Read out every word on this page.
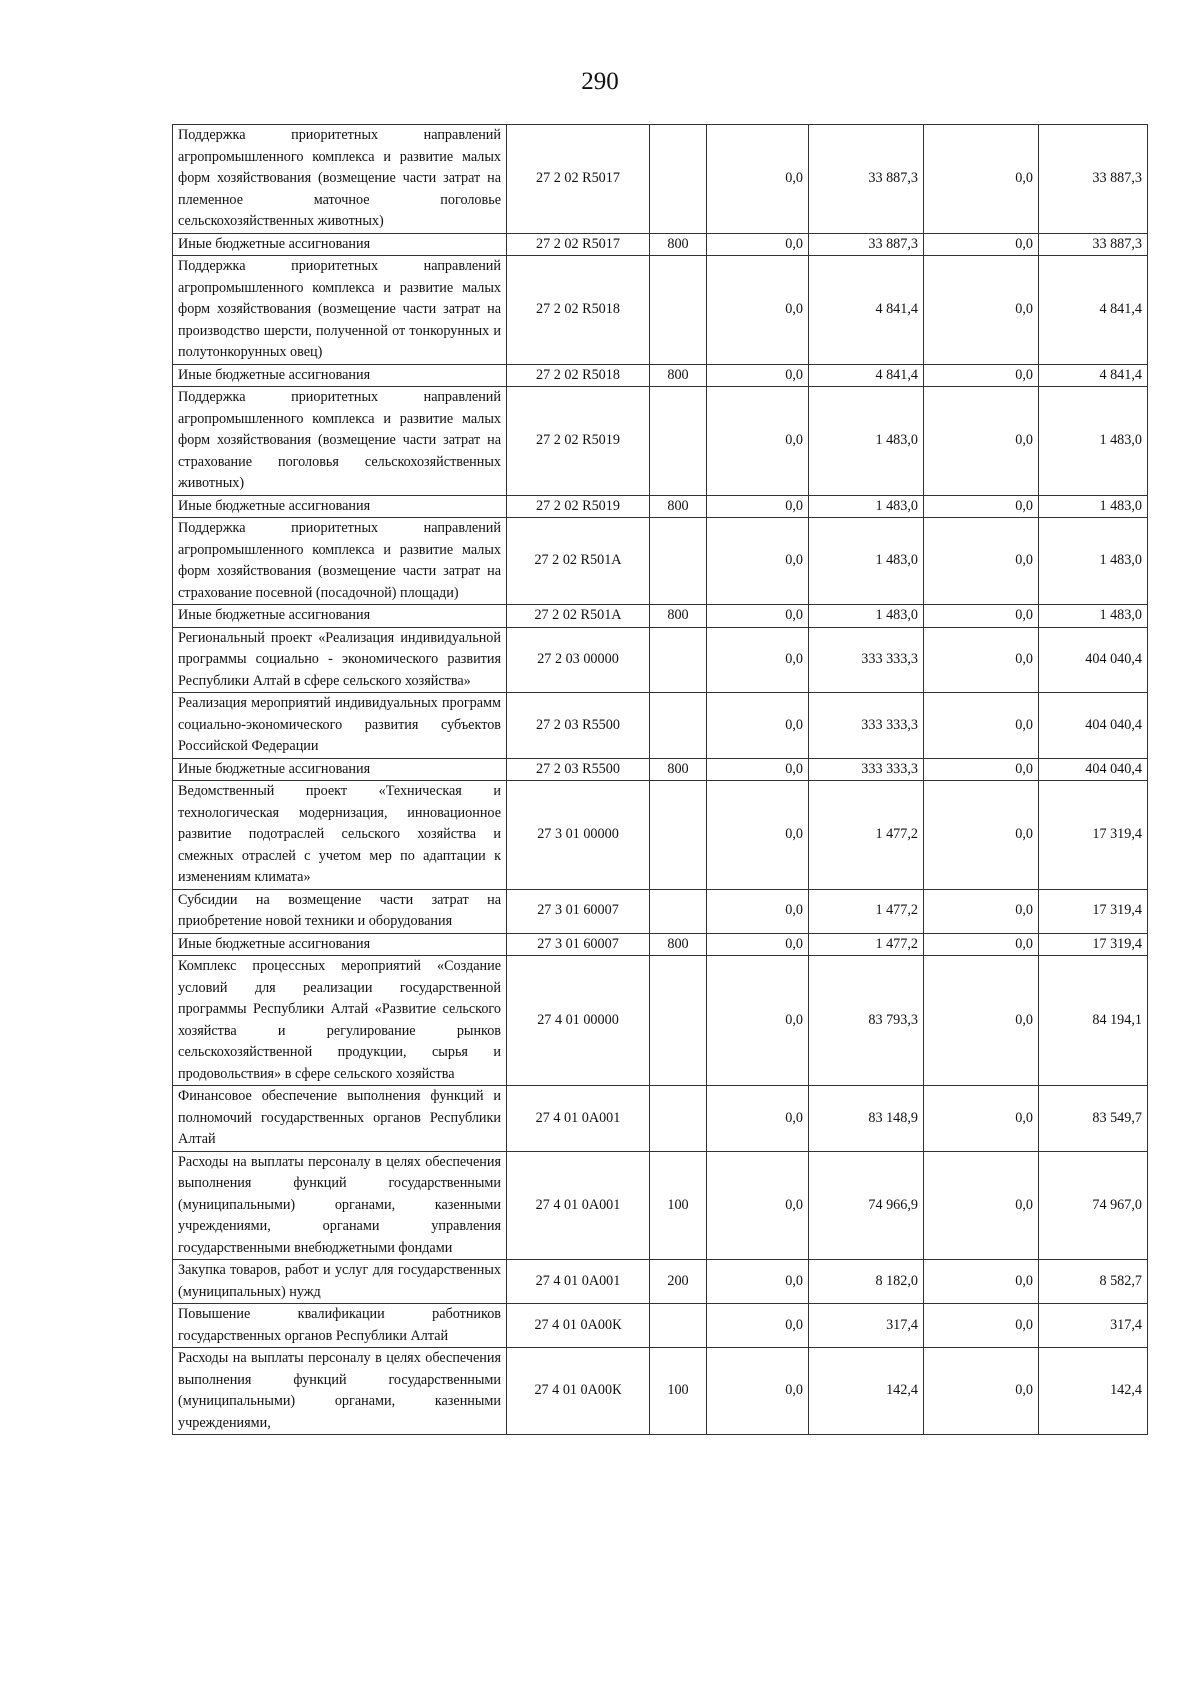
290
Поддержка приоритетных направлений агропромышленного комплекса и развитие малых форм хозяйствования (возмещение части затрат на племенное маточное поголовье сельскохозяйственных животных)	27 2 02 R5017		0,0	33 887,3	0,0	33 887,3
Иные бюджетные ассигнования	27 2 02 R5017	800	0,0	33 887,3	0,0	33 887,3
Поддержка приоритетных направлений агропромышленного комплекса и развитие малых форм хозяйствования (возмещение части затрат на производство шерсти, полученной от тонкорунных и полутонкорунных овец)	27 2 02 R5018		0,0	4 841,4	0,0	4 841,4
Иные бюджетные ассигнования	27 2 02 R5018	800	0,0	4 841,4	0,0	4 841,4
Поддержка приоритетных направлений агропромышленного комплекса и развитие малых форм хозяйствования (возмещение части затрат на страхование поголовья сельскохозяйственных животных)	27 2 02 R5019		0,0	1 483,0	0,0	1 483,0
Иные бюджетные ассигнования	27 2 02 R5019	800	0,0	1 483,0	0,0	1 483,0
Поддержка приоритетных направлений агропромышленного комплекса и развитие малых форм хозяйствования (возмещение части затрат на страхование посевной (посадочной) площади)	27 2 02 R501A		0,0	1 483,0	0,0	1 483,0
Иные бюджетные ассигнования	27 2 02 R501A	800	0,0	1 483,0	0,0	1 483,0
Региональный проект «Реализация индивидуальной программы социально - экономического развития Республики Алтай в сфере сельского хозяйства»	27 2 03 00000		0,0	333 333,3	0,0	404 040,4
Реализация мероприятий индивидуальных программ социально-экономического развития субъектов Российской Федерации	27 2 03 R5500		0,0	333 333,3	0,0	404 040,4
Иные бюджетные ассигнования	27 2 03 R5500	800	0,0	333 333,3	0,0	404 040,4
Ведомственный проект «Техническая и технологическая модернизация, инновационное развитие подотраслей сельского хозяйства и смежных отраслей с учетом мер по адаптации к изменениям климата»	27 3 01 00000		0,0	1 477,2	0,0	17 319,4
Субсидии на возмещение части затрат на приобретение новой техники и оборудования	27 3 01 60007		0,0	1 477,2	0,0	17 319,4
Иные бюджетные ассигнования	27 3 01 60007	800	0,0	1 477,2	0,0	17 319,4
Комплекс процессных мероприятий «Создание условий для реализации государственной программы Республики Алтай «Развитие сельского хозяйства и регулирование рынков сельскохозяйственной продукции, сырья и продовольствия» в сфере сельского хозяйства	27 4 01 00000		0,0	83 793,3	0,0	84 194,1
Финансовое обеспечение выполнения функций и полномочий государственных органов Республики Алтай	27 4 01 0А001		0,0	83 148,9	0,0	83 549,7
Расходы на выплаты персоналу в целях обеспечения выполнения функций государственными (муниципальными) органами, казенными учреждениями, органами управления государственными внебюджетными фондами	27 4 01 0А001	100	0,0	74 966,9	0,0	74 967,0
Закупка товаров, работ и услуг для государственных (муниципальных) нужд	27 4 01 0А001	200	0,0	8 182,0	0,0	8 582,7
Повышение квалификации работников государственных органов Республики Алтай	27 4 01 0А00К		0,0	317,4	0,0	317,4
Расходы на выплаты персоналу в целях обеспечения выполнения функций государственными (муниципальными) органами, казенными учреждениями,	27 4 01 0А00К	100	0,0	142,4	0,0	142,4
